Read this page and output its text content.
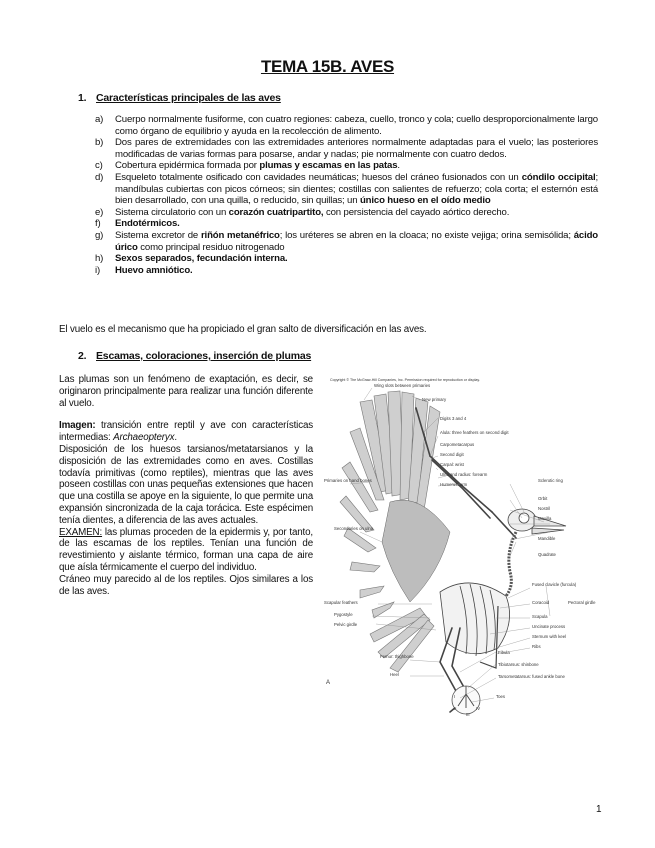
TEMA 15B. AVES
1. Características principales de las aves
a) Cuerpo normalmente fusiforme, con cuatro regiones: cabeza, cuello, tronco y cola; cuello desproporcionalmente largo como órgano de equilibrio y ayuda en la recolección de alimento.
b) Dos pares de extremidades con las extremidades anteriores normalmente adaptadas para el vuelo; las posteriores modificadas de varias formas para posarse, andar y nadas; pie normalmente con cuatro dedos.
c) Cobertura epidérmica formada por plumas y escamas en las patas.
d) Esqueleto totalmente osificado con cavidades neumáticas; huesos del cráneo fusionados con un cóndilo occipital; mandíbulas cubiertas con picos córneos; sin dientes; costillas con salientes de refuerzo; cola corta; el esternón está bien desarrollado, con una quilla, o reducido, sin quillas; un único hueso en el oído medio
e) Sistema circulatorio con un corazón cuatripartito, con persistencia del cayado aórtico derecho.
f) Endotérmicos.
g) Sistema excretor de riñón metanéfrico; los uréteres se abren en la cloaca; no existe vejiga; orina semisólida; ácido úrico como principal residuo nitrogenado
h) Sexos separados, fecundación interna.
i) Huevo amniótico.
El vuelo es el mecanismo que ha propiciado el gran salto de diversificación en las aves.
2. Escamas, coloraciones, inserción de plumas

Las plumas son un fenómeno de exaptación, es decir, se originaron principalmente para realizar una función diferente al vuelo.

Imagen: transición entre reptil y ave con características intermedias: Archaeopteryx.

Disposición de los huesos tarsianos/metatarsianos y la disposición de las extremidades como en aves. Costillas todavía primitivas (como reptiles), mientras que las aves poseen costillas con unas pequeñas extensiones que hacen que una costilla se apoye en la siguiente, lo que permite una expansión sincronizada de la caja torácica. Este espécimen tenía dientes, a diferencia de las aves actuales.

EXAMEN: las plumas proceden de la epidermis y, por tanto, de las escamas de los reptiles. Tenían una función de revestimiento y aislante térmico, forman una capa de aire que aísla térmicamente el cuerpo del individuo.

Cráneo muy parecido al de los reptiles. Ojos similares a los de las aves.

Copyright © The McGraw-Hill Companies, Inc. Permission required for reproduction or display.
Wing slots between primaries
New primary
Digits 3 and 4
Alula: three feathers on second digit
Carpometacarpus
Second digit
Carpal: wrist
Ulna and radius: forearm
Humerus: arm
Primaries on hand bones	Sclerotic ring
Orbit
Nostril
Maxilla
Mandible
Quadrate
Secondaries on ulna
Scapular feathers
Pygostyle
Pelvic girdle
Fused clavicle (furcula)
Coracoid	Pectoral girdle
Scapula
Uncinate process
Sternum with keel
Ribs
Femur: thighbone
Fibula
Tibiotarsus: shinbone
Heel	Tarsometatarsus: fused ankle bone
Toes
I
II
III
IV
A
1
